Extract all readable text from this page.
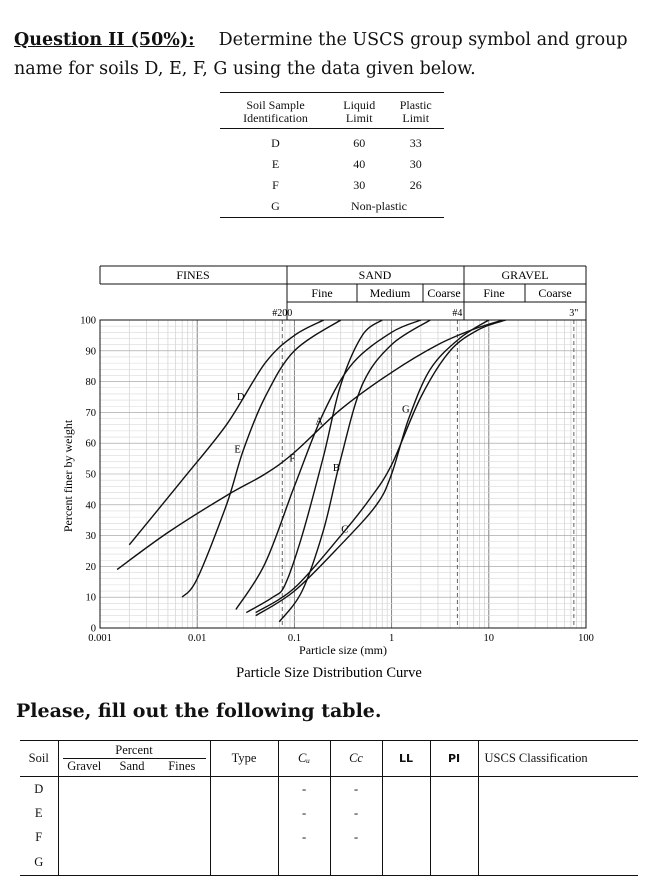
Question II (50%): Determine the USCS group symbol and group name for soils D, E, F, G using the data given below.

Soil Sample Identification	Liquid Limit	Plastic Limit

D	60	33
E	40	30
F	30	26
G	Non-plastic	
FINES	SAND	GRAVEL
Fine	Medium Coarse Fine	Coarse
#200	#4	3"
0.001	0.01	0.1	1	10	100
0
10
20
30
40
50
60
70
80
90
100
A
B
C
D
E
F
G
Percent finer by weight
Particle size (mm)
Particle Size Distribution Curve

Please, fill out the following table.

Soil	Percent			Type	Cᵤ	Cc	LL	PI	USCS Classification
	Gravel	Sand	Fines						
D					-	-			
E					-	-			
F					-	-			
G									
